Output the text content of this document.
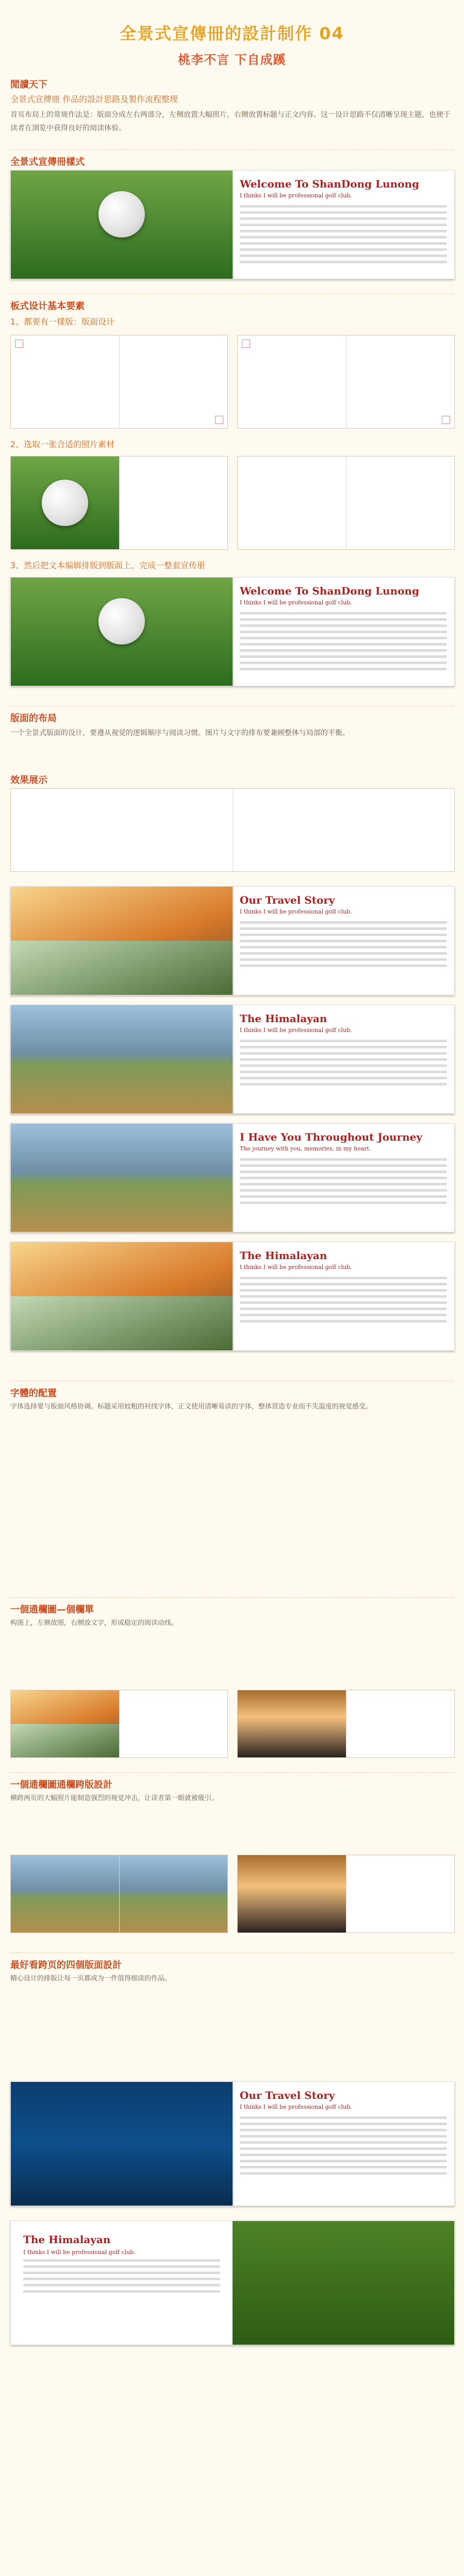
全景式宣傳冊的設計制作 04
桃李不言 下自成蹊
閒讀天下
全景式宣傳冊 作品的設計思路及製作流程整理
首页布局上的常规作法是：版面分成左右两部分，左侧放置大幅照片，右侧放置标题与正文内容。这一设计思路不仅清晰呈现主题，也便于读者在浏览中获得良好的阅读体验。
全景式宣傳冊樣式
Welcome To ShanDong Lunong
I thinks I will be professional golf club.
板式设计基本要素
1、都要有一樣版：版面设计
2、选取一张合适的照片素材
3、然后把文本编辑排版到版面上，完成一整套宣传册
Welcome To ShanDong Lunong
I thinks I will be professional golf club.
版面的布局
一个全景式版面的设计，要遵从视觉的逻辑顺序与阅读习惯。图片与文字的排布要兼顾整体与局部的平衡。
效果展示
Our Travel Story
I thinks I will be professional golf club.
The Himalayan
I thinks I will be professional golf club.
I Have You Throughout Journey
The journey with you, memories, in my heart.
The Himalayan
I thinks I will be professional golf club.
字體的配置
字体选择要与版面风格协调。标题采用较粗的衬线字体，正文使用清晰易读的字体，整体营造专业而不失温度的视觉感受。
一個通欄圖—個欄單
构图上，左侧放图，右侧放文字，形成稳定的阅读动线。
一個通欄圖通欄跨版設計
横跨两页的大幅照片能制造强烈的视觉冲击，让读者第一眼就被吸引。
最好看跨页的四個版面設計
精心设计的排版让每一页都成为一件值得细读的作品。
Our Travel Story
I thinks I will be professional golf club.
The Himalayan
I thinks I will be professional golf club.
